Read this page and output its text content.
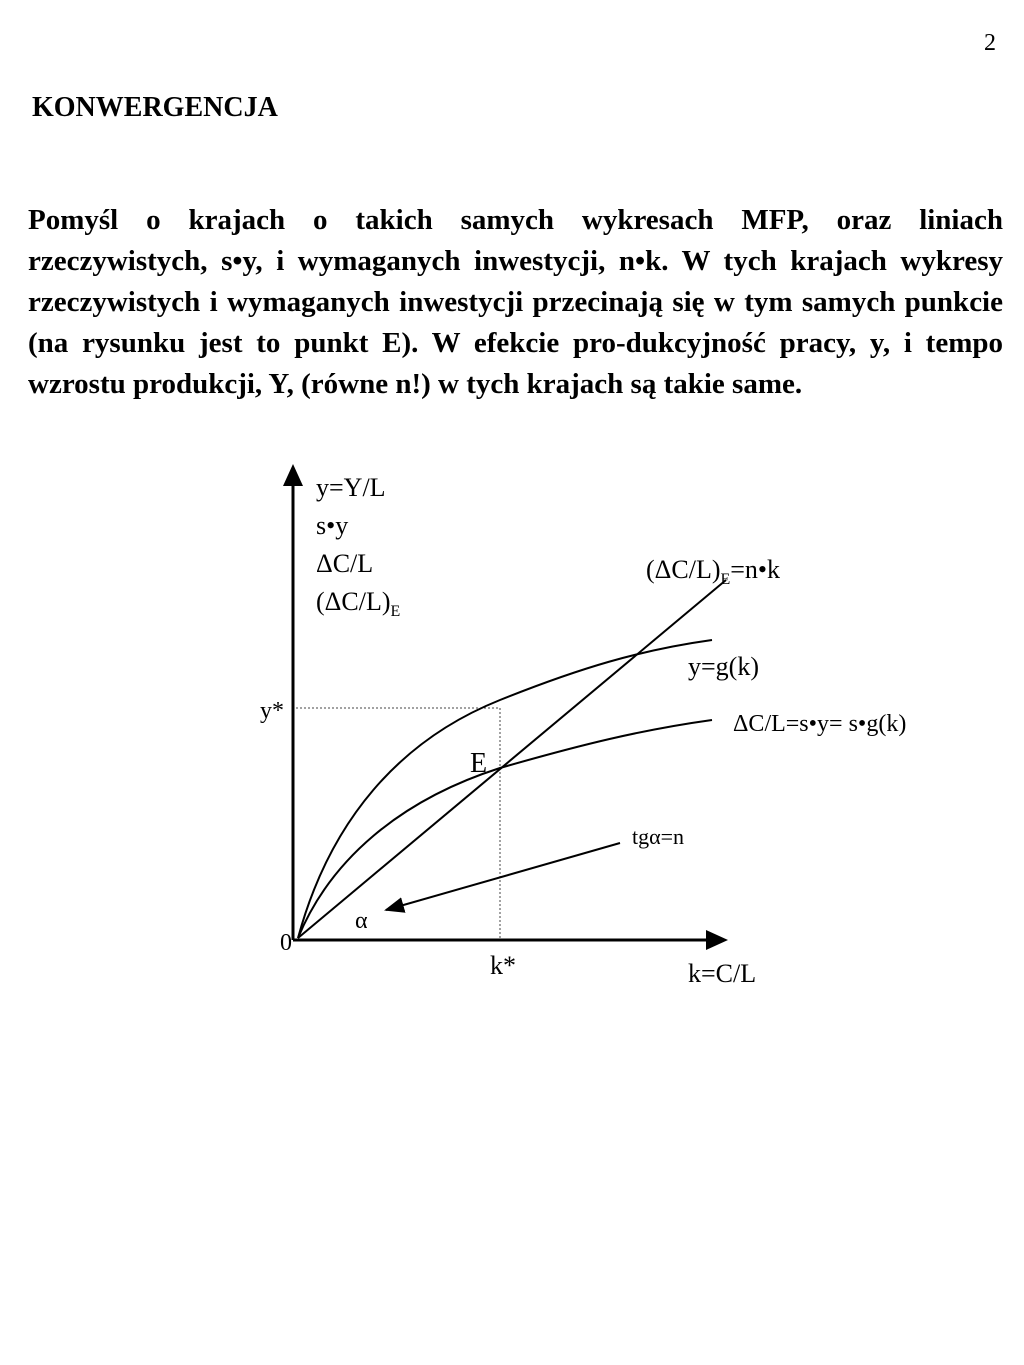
2
KONWERGENCJA

Pomyśl o krajach o takich samych wykresach MFP, oraz liniach rzeczywistych, s•y, i wymaganych inwestycji, n•k. W tych krajach wykresy rzeczywistych i wymaganych inwestycji przecinają się w tym samych punkcie (na rysunku jest to punkt E). W efekcie pro-dukcyjność pracy, y, i tempo wzrostu produkcji, Y, (równe n!) w tych krajach są takie same.

y=Y/L
s•y
ΔC/L
$(\Delta C/L)_E$
y*
0
k*	k=C/L
E
$(\Delta C/L)_E=n•k$
y=g(k)
ΔC/L=s•y= s•g(k)
tgα=n
α
